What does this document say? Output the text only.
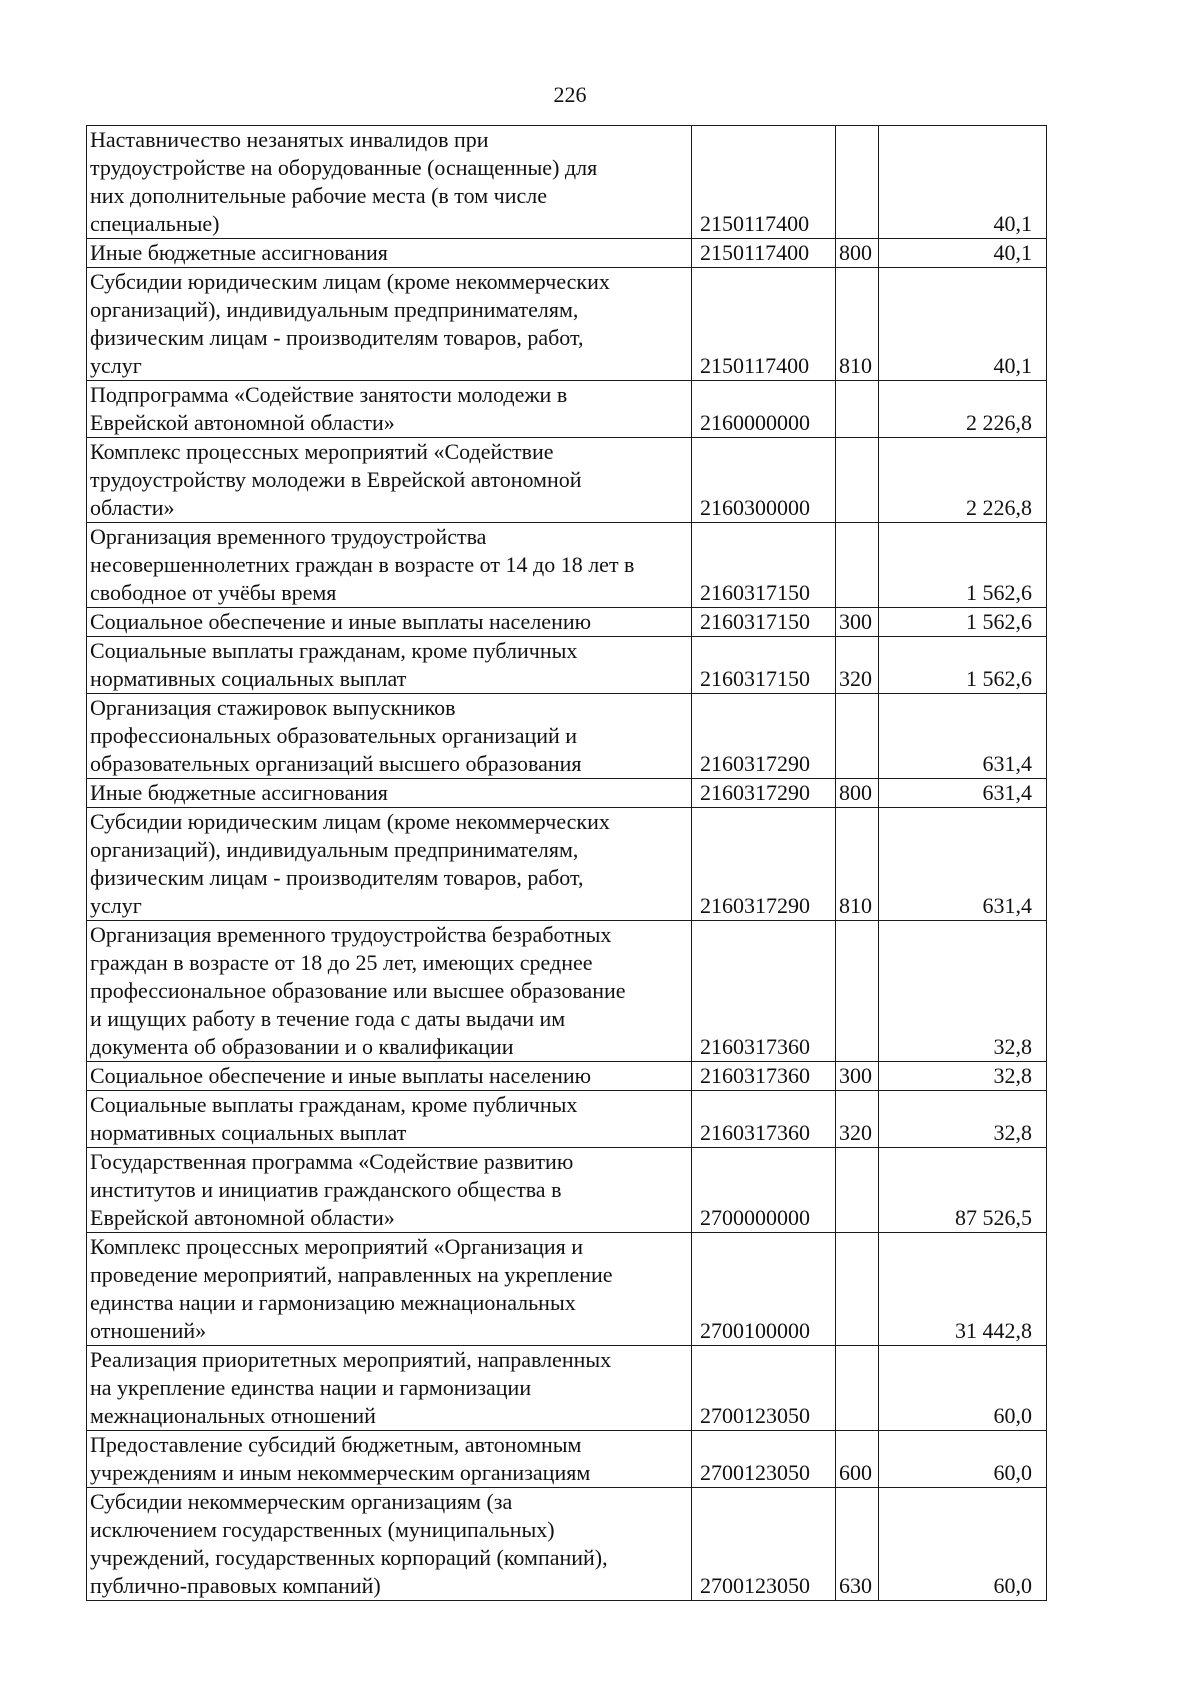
226
Наставничество незанятых инвалидов при
трудоустройстве на оборудованные (оснащенные) для
них дополнительные рабочие места (в том числе
специальные)	2150117400		40,1
Иные бюджетные ассигнования	2150117400	800	40,1
Субсидии юридическим лицам (кроме некоммерческих
организаций), индивидуальным предпринимателям,
физическим лицам - производителям товаров, работ,
услуг	2150117400	810	40,1
Подпрограмма «Содействие занятости молодежи в
Еврейской автономной области»	2160000000		2 226,8
Комплекс процессных мероприятий «Содействие
трудоустройству молодежи в Еврейской автономной
области»	2160300000		2 226,8
Организация временного трудоустройства
несовершеннолетних граждан в возрасте от 14 до 18 лет в
свободное от учёбы время	2160317150		1 562,6
Социальное обеспечение и иные выплаты населению	2160317150	300	1 562,6
Социальные выплаты гражданам, кроме публичных
нормативных социальных выплат	2160317150	320	1 562,6
Организация стажировок выпускников
профессиональных образовательных организаций и
образовательных организаций высшего образования	2160317290		631,4
Иные бюджетные ассигнования	2160317290	800	631,4
Субсидии юридическим лицам (кроме некоммерческих
организаций), индивидуальным предпринимателям,
физическим лицам - производителям товаров, работ,
услуг	2160317290	810	631,4
Организация временного трудоустройства безработных
граждан в возрасте от 18 до 25 лет, имеющих среднее
профессиональное образование или высшее образование
и ищущих работу в течение года с даты выдачи им
документа об образовании и о квалификации	2160317360		32,8
Социальное обеспечение и иные выплаты населению	2160317360	300	32,8
Социальные выплаты гражданам, кроме публичных
нормативных социальных выплат	2160317360	320	32,8
Государственная программа «Содействие развитию
институтов и инициатив гражданского общества в
Еврейской автономной области»	2700000000		87 526,5
Комплекс процессных мероприятий «Организация и
проведение мероприятий, направленных на укрепление
единства нации и гармонизацию межнациональных
отношений»	2700100000		31 442,8
Реализация приоритетных мероприятий, направленных
на укрепление единства нации и гармонизации
межнациональных отношений	2700123050		60,0
Предоставление субсидий бюджетным, автономным
учреждениям и иным некоммерческим организациям	2700123050	600	60,0
Субсидии некоммерческим организациям (за
исключением государственных (муниципальных)
учреждений, государственных корпораций (компаний),
публично-правовых компаний)	2700123050	630	60,0
